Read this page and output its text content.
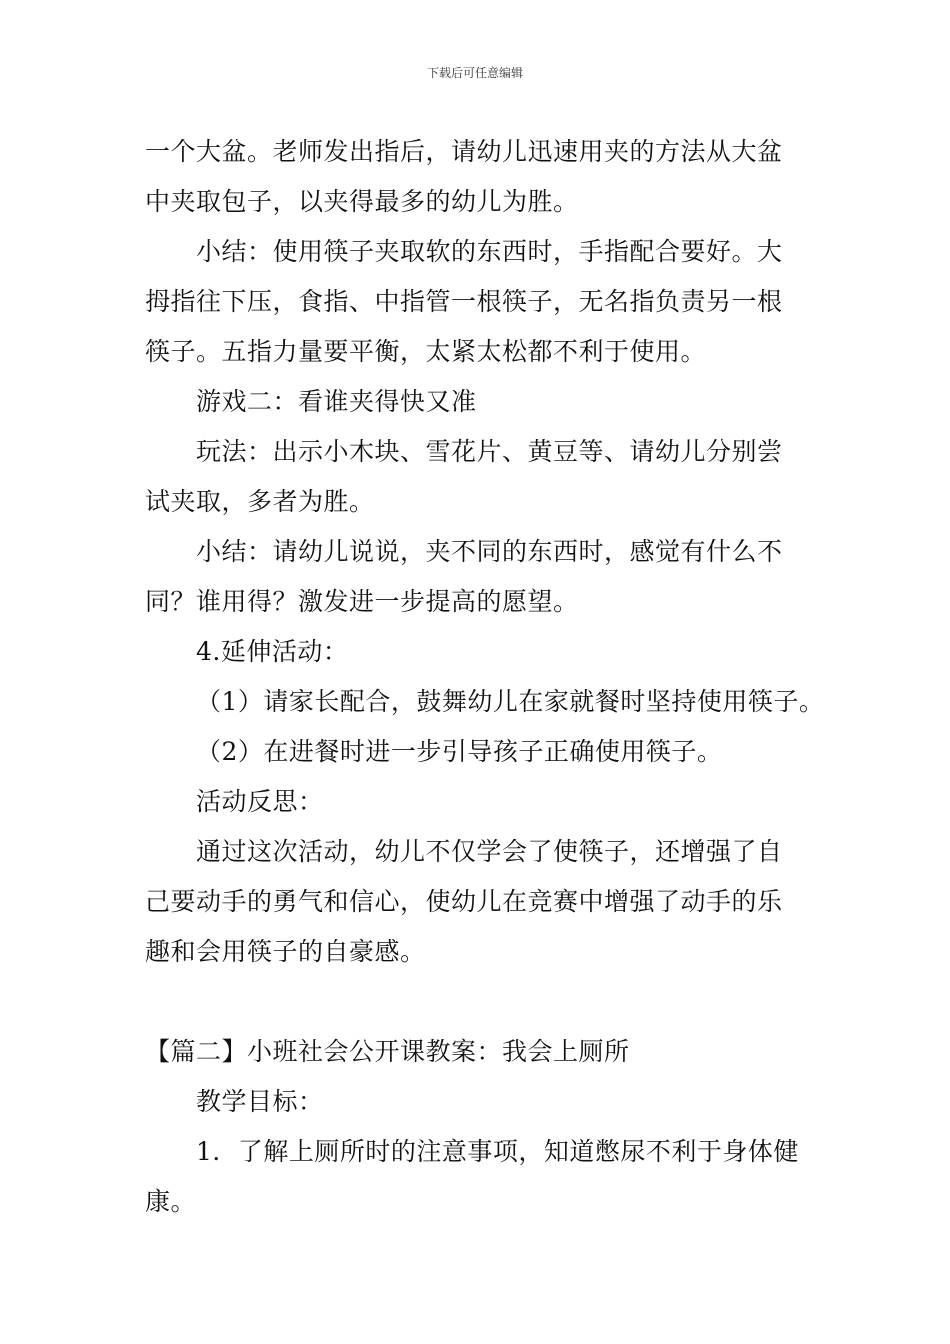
下载后可任意编辑
一个大盆。老师发出指后，请幼儿迅速用夹的方法从大盆
中夹取包子，以夹得最多的幼儿为胜。
小结：使用筷子夹取软的东西时，手指配合要好。大
拇指往下压，食指、中指管一根筷子，无名指负责另一根
筷子。五指力量要平衡，太紧太松都不利于使用。
游戏二：看谁夹得快又准
玩法：出示小木块、雪花片、黄豆等、请幼儿分别尝
试夹取，多者为胜。
小结：请幼儿说说，夹不同的东西时，感觉有什么不
同？谁用得？激发进一步提高的愿望。
4.延伸活动：
（1）请家长配合，鼓舞幼儿在家就餐时坚持使用筷子。
（2）在进餐时进一步引导孩子正确使用筷子。
活动反思：
通过这次活动，幼儿不仅学会了使筷子，还增强了自
己要动手的勇气和信心，使幼儿在竞赛中增强了动手的乐
趣和会用筷子的自豪感。
【篇二】小班社会公开课教案：我会上厕所
教学目标：
1．了解上厕所时的注意事项，知道憋尿不利于身体健
康。
